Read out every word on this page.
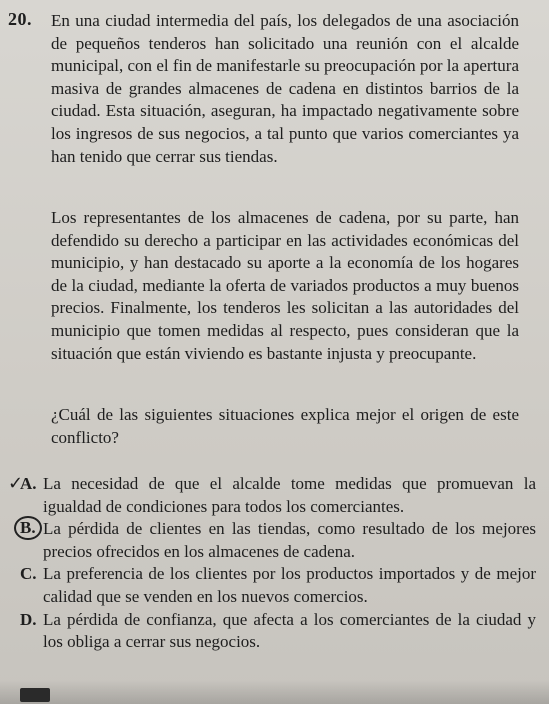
20. En una ciudad intermedia del país, los delegados de una asociación de pequeños tenderos han solicitado una reunión con el alcalde municipal, con el fin de manifestarle su preocupación por la apertura masiva de grandes almacenes de cadena en distintos barrios de la ciudad. Esta situación, aseguran, ha impactado negativamente sobre los ingresos de sus negocios, a tal punto que varios comerciantes ya han tenido que cerrar sus tiendas.
Los representantes de los almacenes de cadena, por su parte, han defendido su derecho a participar en las actividades económicas del municipio, y han destacado su aporte a la economía de los hogares de la ciudad, mediante la oferta de variados productos a muy buenos precios. Finalmente, los tenderos les solicitan a las autoridades del municipio que tomen medidas al respecto, pues consideran que la situación que están viviendo es bastante injusta y preocupante.
¿Cuál de las siguientes situaciones explica mejor el origen de este conflicto?
✓
A. La necesidad de que el alcalde tome medidas que promuevan la igualdad de condiciones para todos los comerciantes.
B. La pérdida de clientes en las tiendas, como resultado de los mejores precios ofrecidos en los almacenes de cadena.
C. La preferencia de los clientes por los productos importados y de mejor calidad que se venden en los nuevos comercios.
D. La pérdida de confianza, que afecta a los comerciantes de la ciudad y los obliga a cerrar sus negocios.
